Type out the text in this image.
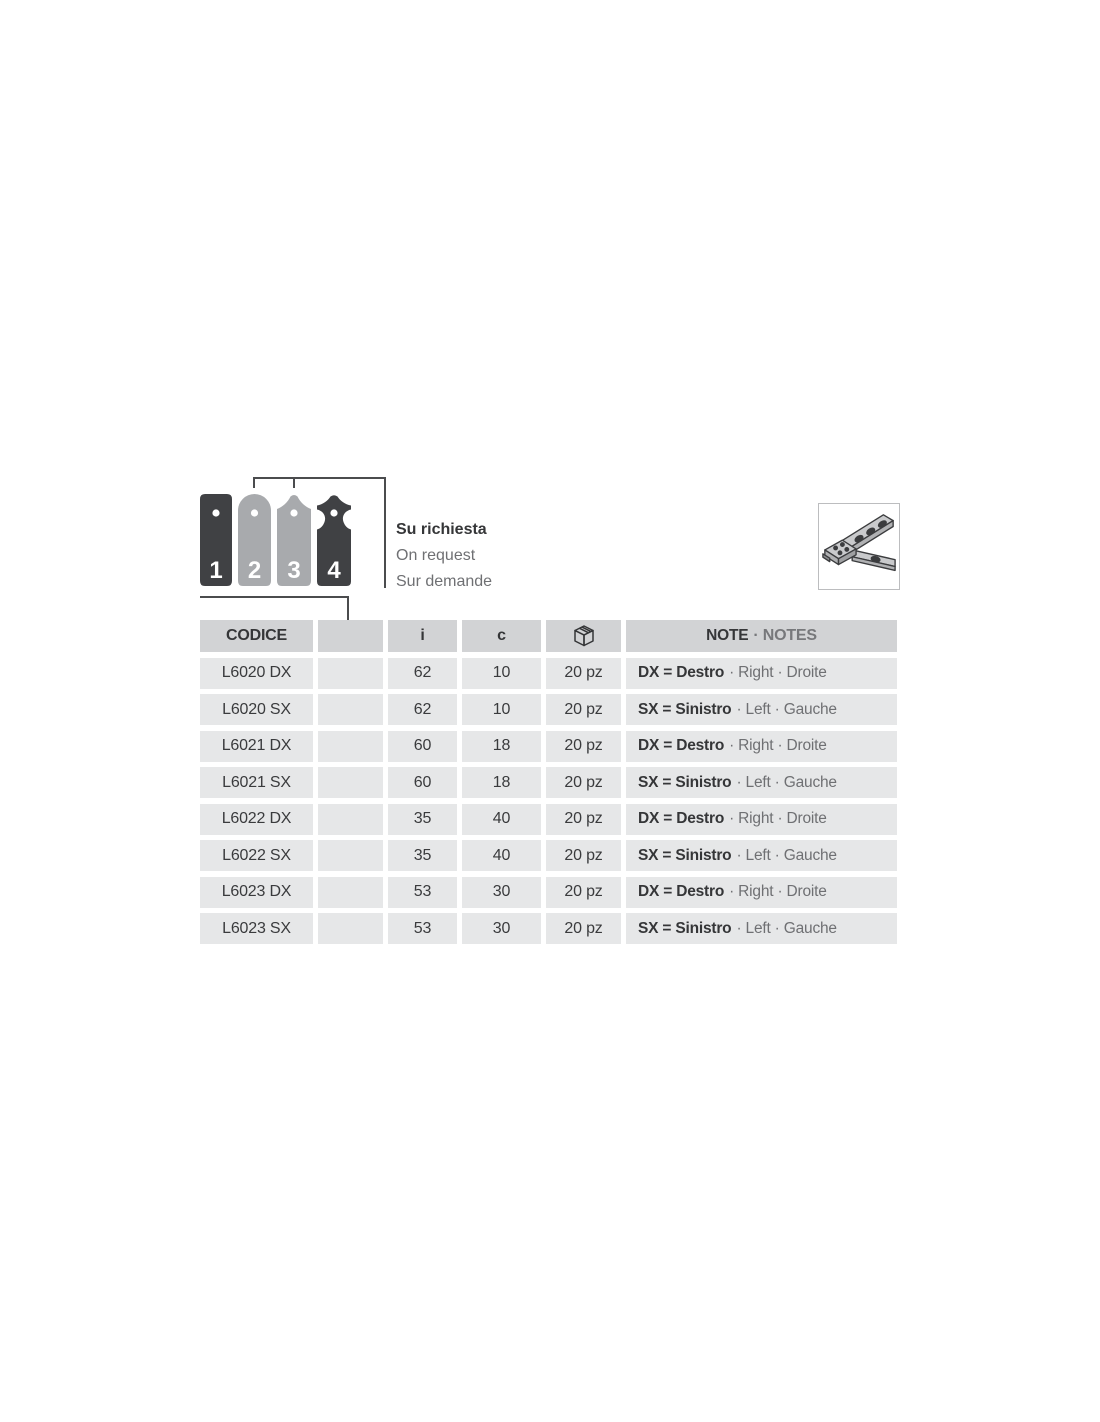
1 2 3 4
Su richiesta
On request
Sur demande
CODICE	i	c	NOTE · NOTES
L6020 DX	62	10	20 pz	DX = Destro · Right · Droite
L6020 SX	62	10	20 pz	SX = Sinistro · Left · Gauche
L6021 DX	60	18	20 pz	DX = Destro · Right · Droite
L6021 SX	60	18	20 pz	SX = Sinistro · Left · Gauche
L6022 DX	35	40	20 pz	DX = Destro · Right · Droite
L6022 SX	35	40	20 pz	SX = Sinistro · Left · Gauche
L6023 DX	53	30	20 pz	DX = Destro · Right · Droite
L6023 SX	53	30	20 pz	SX = Sinistro · Left · Gauche
